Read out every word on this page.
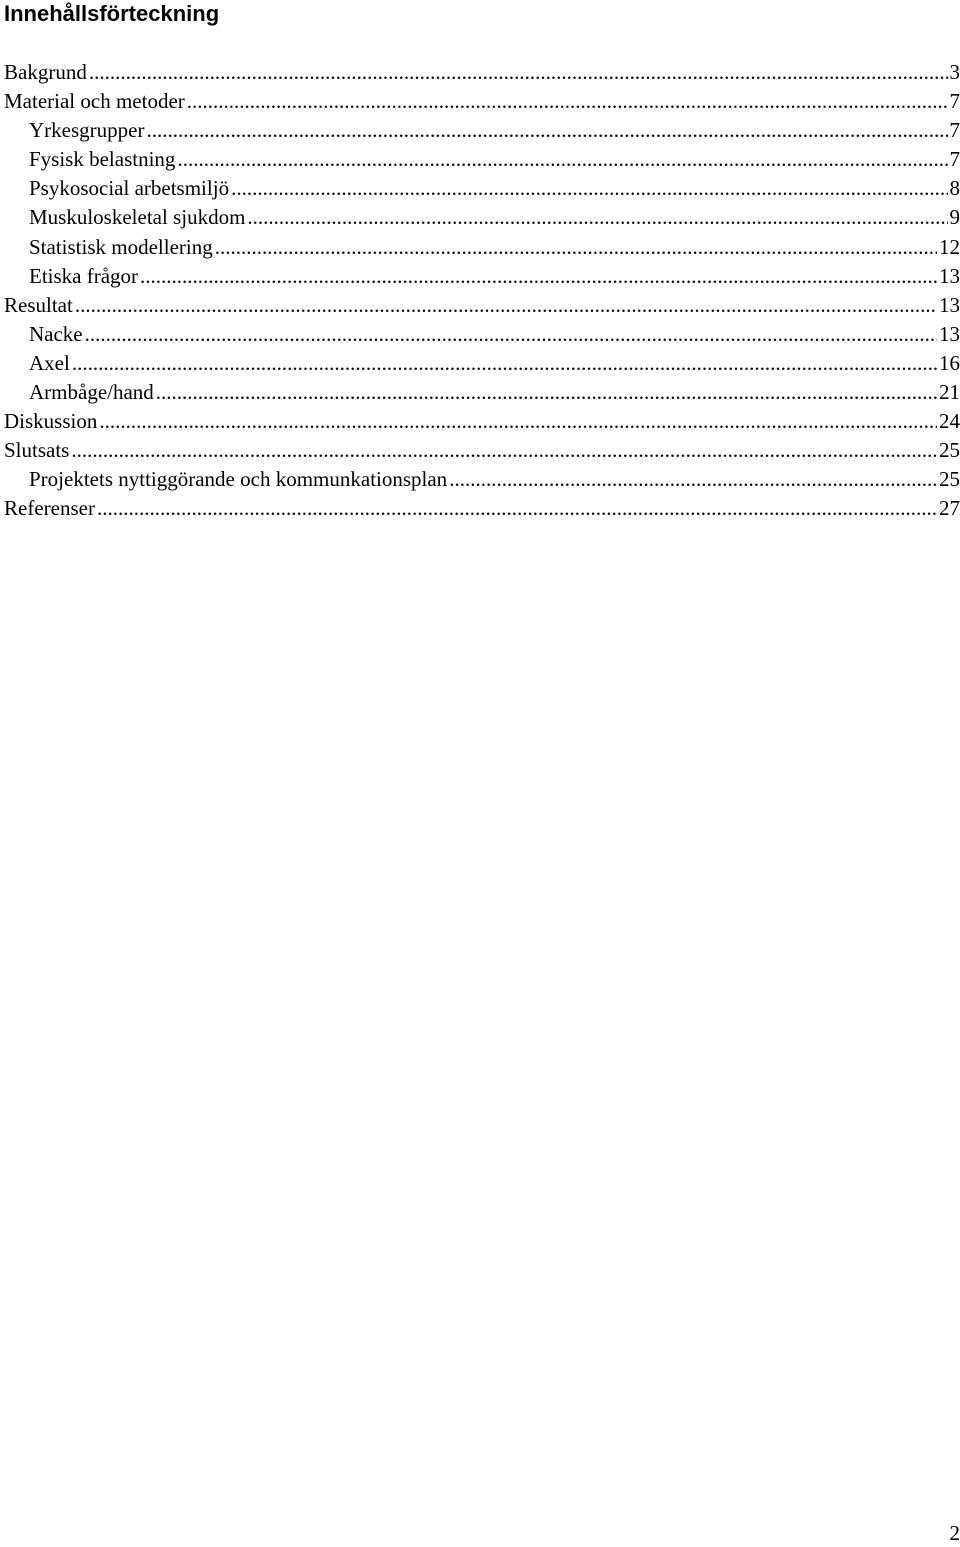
Innehållsförteckning
Bakgrund .....	3
Material och metoder .....	7
Yrkesgrupper .....	7
Fysisk belastning .....	7
Psykosocial arbetsmiljö .....	8
Muskuloskeletal sjukdom .....	9
Statistisk modellering .....	12
Etiska frågor .....	13
Resultat .....	13
Nacke .....	13
Axel .....	16
Armbåge/hand .....	21
Diskussion .....	24
Slutsats .....	25
Projektets nyttiggörande och kommunkationsplan .....	25
Referenser .....	27

2
